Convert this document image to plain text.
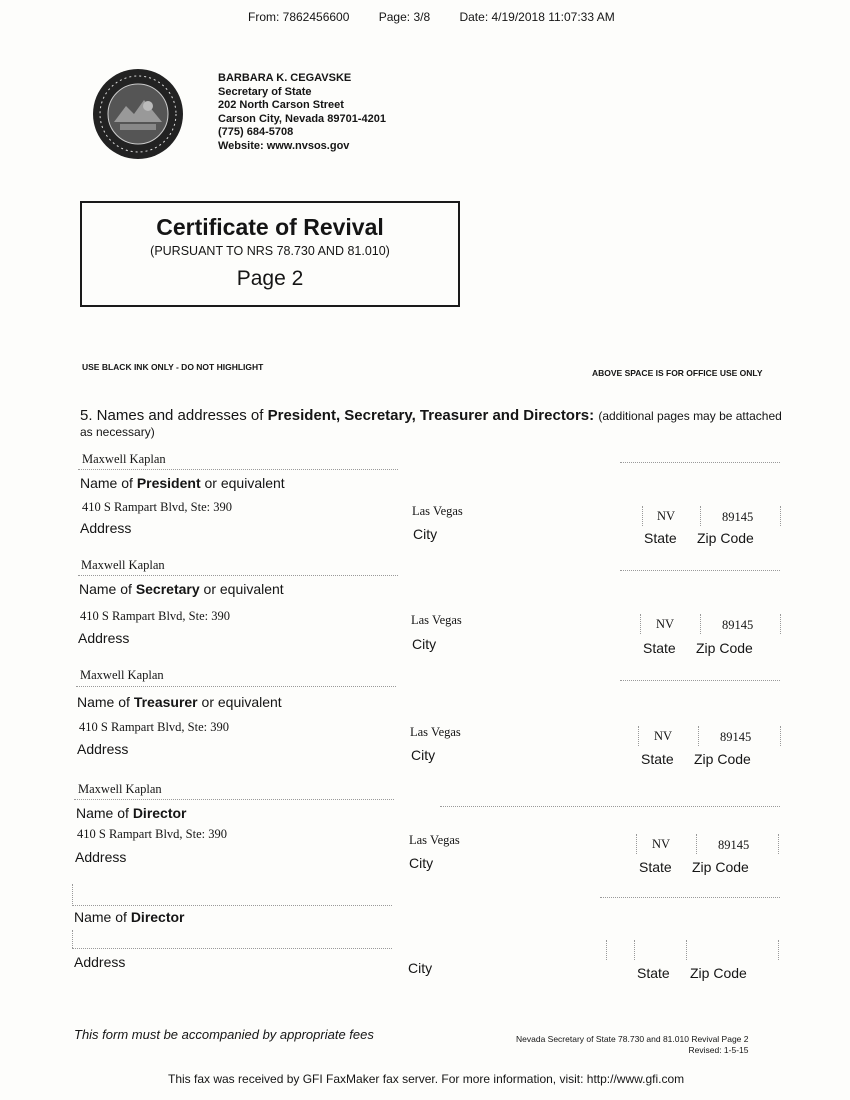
From: 7862456600 Page: 3/8 Date: 4/19/2018 11:07:33 AM
BARBARA K. CEGAVSKE
Secretary of State
202 North Carson Street
Carson City, Nevada 89701-4201
(775) 684-5708
Website: www.nvsos.gov
Certificate of Revival
(PURSUANT TO NRS 78.730 AND 81.010)
Page 2
USE BLACK INK ONLY - DO NOT HIGHLIGHT
ABOVE SPACE IS FOR OFFICE USE ONLY
5. Names and addresses of President, Secretary, Treasurer and Directors: (additional pages may be attached as necessary)
Maxwell Kaplan
Name of President or equivalent
410 S Rampart Blvd, Ste: 390	Las Vegas	NV	89145
Address	City	State Zip Code
Maxwell Kaplan
Name of Secretary or equivalent
410 S Rampart Blvd, Ste: 390	Las Vegas	NV	89145
Address	City	State Zip Code
Maxwell Kaplan
Name of Treasurer or equivalent
410 S Rampart Blvd, Ste: 390	Las Vegas	NV	89145
Address	City	State Zip Code
Maxwell Kaplan
Name of Director
410 S Rampart Blvd, Ste: 390	Las Vegas	NV	89145
Address	City	State Zip Code
Name of Director
Address	City	State Zip Code
This form must be accompanied by appropriate fees	Nevada Secretary of State 78.730 and 81.010 Revival Page 2
Revised: 1-5-15
This fax was received by GFI FaxMaker fax server. For more information, visit: http://www.gfi.com
